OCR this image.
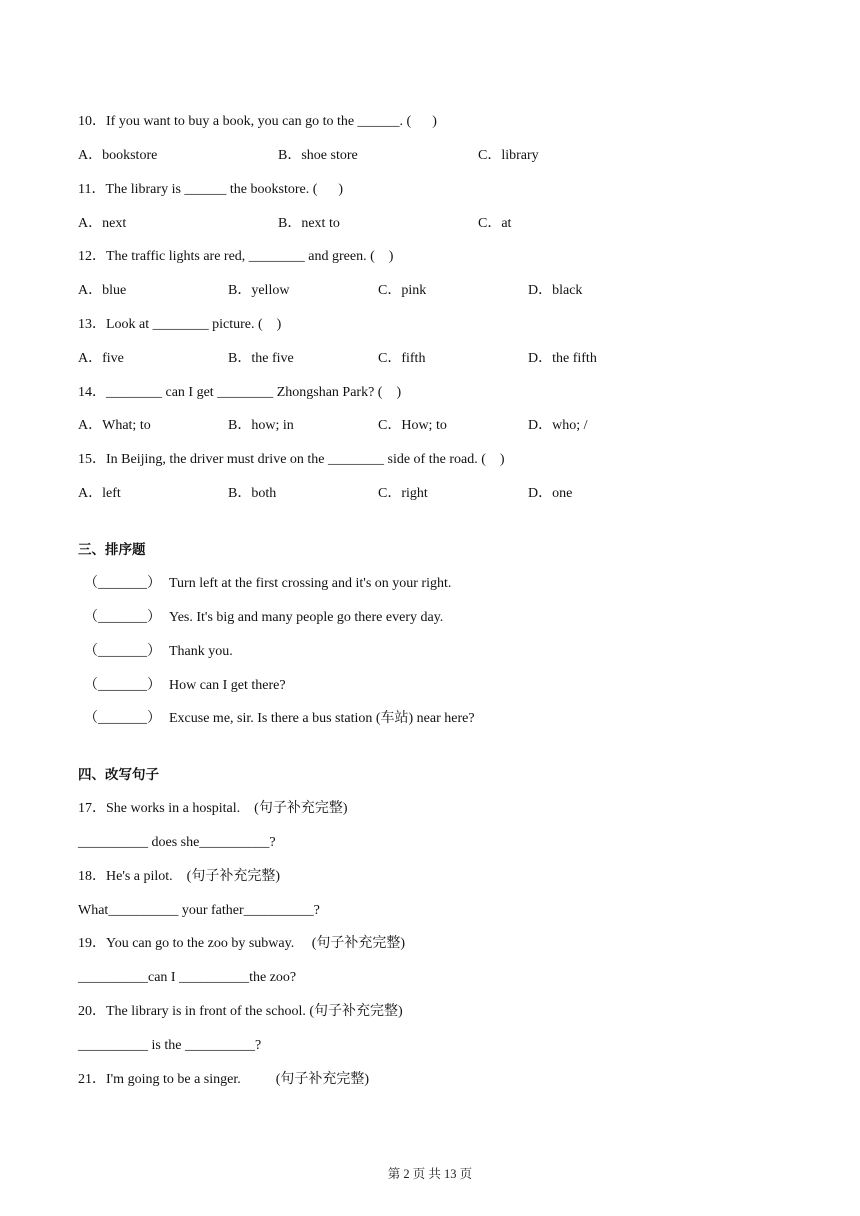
10．If you want to buy a book, you can go to the ______. (      )
A．bookstore	B．shoe store	C．library
11．The library is ______ the bookstore. (      )
A．next	B．next to	C．at
12．The traffic lights are red, ________ and green. (    )
A．blue	B．yellow	C．pink	D．black
13．Look at ________ picture. (    )
A．five	B．the five	C．fifth	D．the fifth
14．________ can I get ________ Zhongshan Park? (    )
A．What; to	B．how; in	C．How; to	D．who; /
15．In Beijing, the driver must drive on the ________ side of the road. (    )
A．left	B．both	C．right	D．one
三、排序题
（_______） Turn left at the first crossing and it's on your right.
（_______） Yes. It's big and many people go there every day.
（_______） Thank you.
（_______） How can I get there?
（_______） Excuse me, sir. Is there a bus station (车站) near here?
四、改写句子
17．She works in a hospital.    (句子补充完整)
__________ does she__________?
18．He's a pilot.    (句子补充完整)
What__________ your father__________?
19．You can go to the zoo by subway.     (句子补充完整)
__________can I __________the zoo?
20．The library is in front of the school. (句子补充完整)
__________ is the __________?
21．I'm going to be a singer.          (句子补充完整)
第 2 页 共 13 页
